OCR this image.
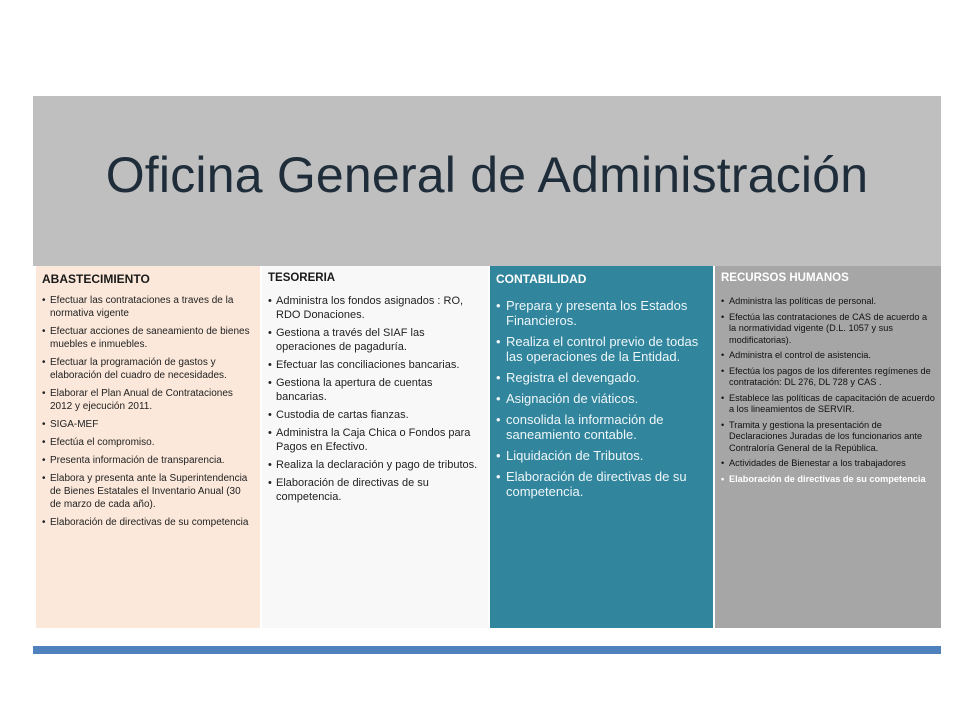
Oficina General de Administración
ABASTECIMIENTO
• Efectuar las contrataciones a traves de la normativa vigente
• Efectuar acciones de saneamiento de bienes muebles e inmuebles.
• Efectuar la programación de gastos y elaboración del cuadro de necesidades.
• Elaborar el Plan Anual de Contrataciones 2012 y ejecución 2011.
• SIGA-MEF
• Efectúa el compromiso.
• Presenta información de transparencia.
• Elabora y presenta ante la Superintendencia de Bienes Estatales el Inventario Anual (30 de marzo de cada año).
• Elaboración de directivas de su competencia
TESORERIA
• Administra los fondos asignados : RO, RDO Donaciones.
• Gestiona a través del SIAF las operaciones de pagaduría.
• Efectuar las conciliaciones bancarias.
• Gestiona la apertura de cuentas bancarias.
• Custodia de cartas fianzas.
• Administra la Caja Chica o Fondos para Pagos en Efectivo.
• Realiza la declaración y pago de tributos.
• Elaboración de directivas de su competencia.
CONTABILIDAD
• Prepara y presenta los Estados Financieros.
• Realiza el control previo de todas las operaciones de la Entidad.
• Registra el devengado.
• Asignación de viáticos.
• consolida la información de saneamiento contable.
• Liquidación de Tributos.
• Elaboración de directivas de su competencia.
RECURSOS HUMANOS
• Administra las políticas de personal.
• Efectúa las contrataciones de CAS de acuerdo a la normatividad vigente (D.L. 1057 y sus modificatorias).
• Administra el control de asistencia.
• Efectúa los pagos de los diferentes regímenes de contratación: DL 276, DL 728 y CAS .
• Establece las políticas de capacitación de acuerdo a los lineamientos de SERVIR.
• Tramita y gestiona la presentación de Declaraciones Juradas de los funcionarios ante Contraloría General de la República.
• Actividades de Bienestar a los trabajadores
• Elaboración de directivas de su competencia
